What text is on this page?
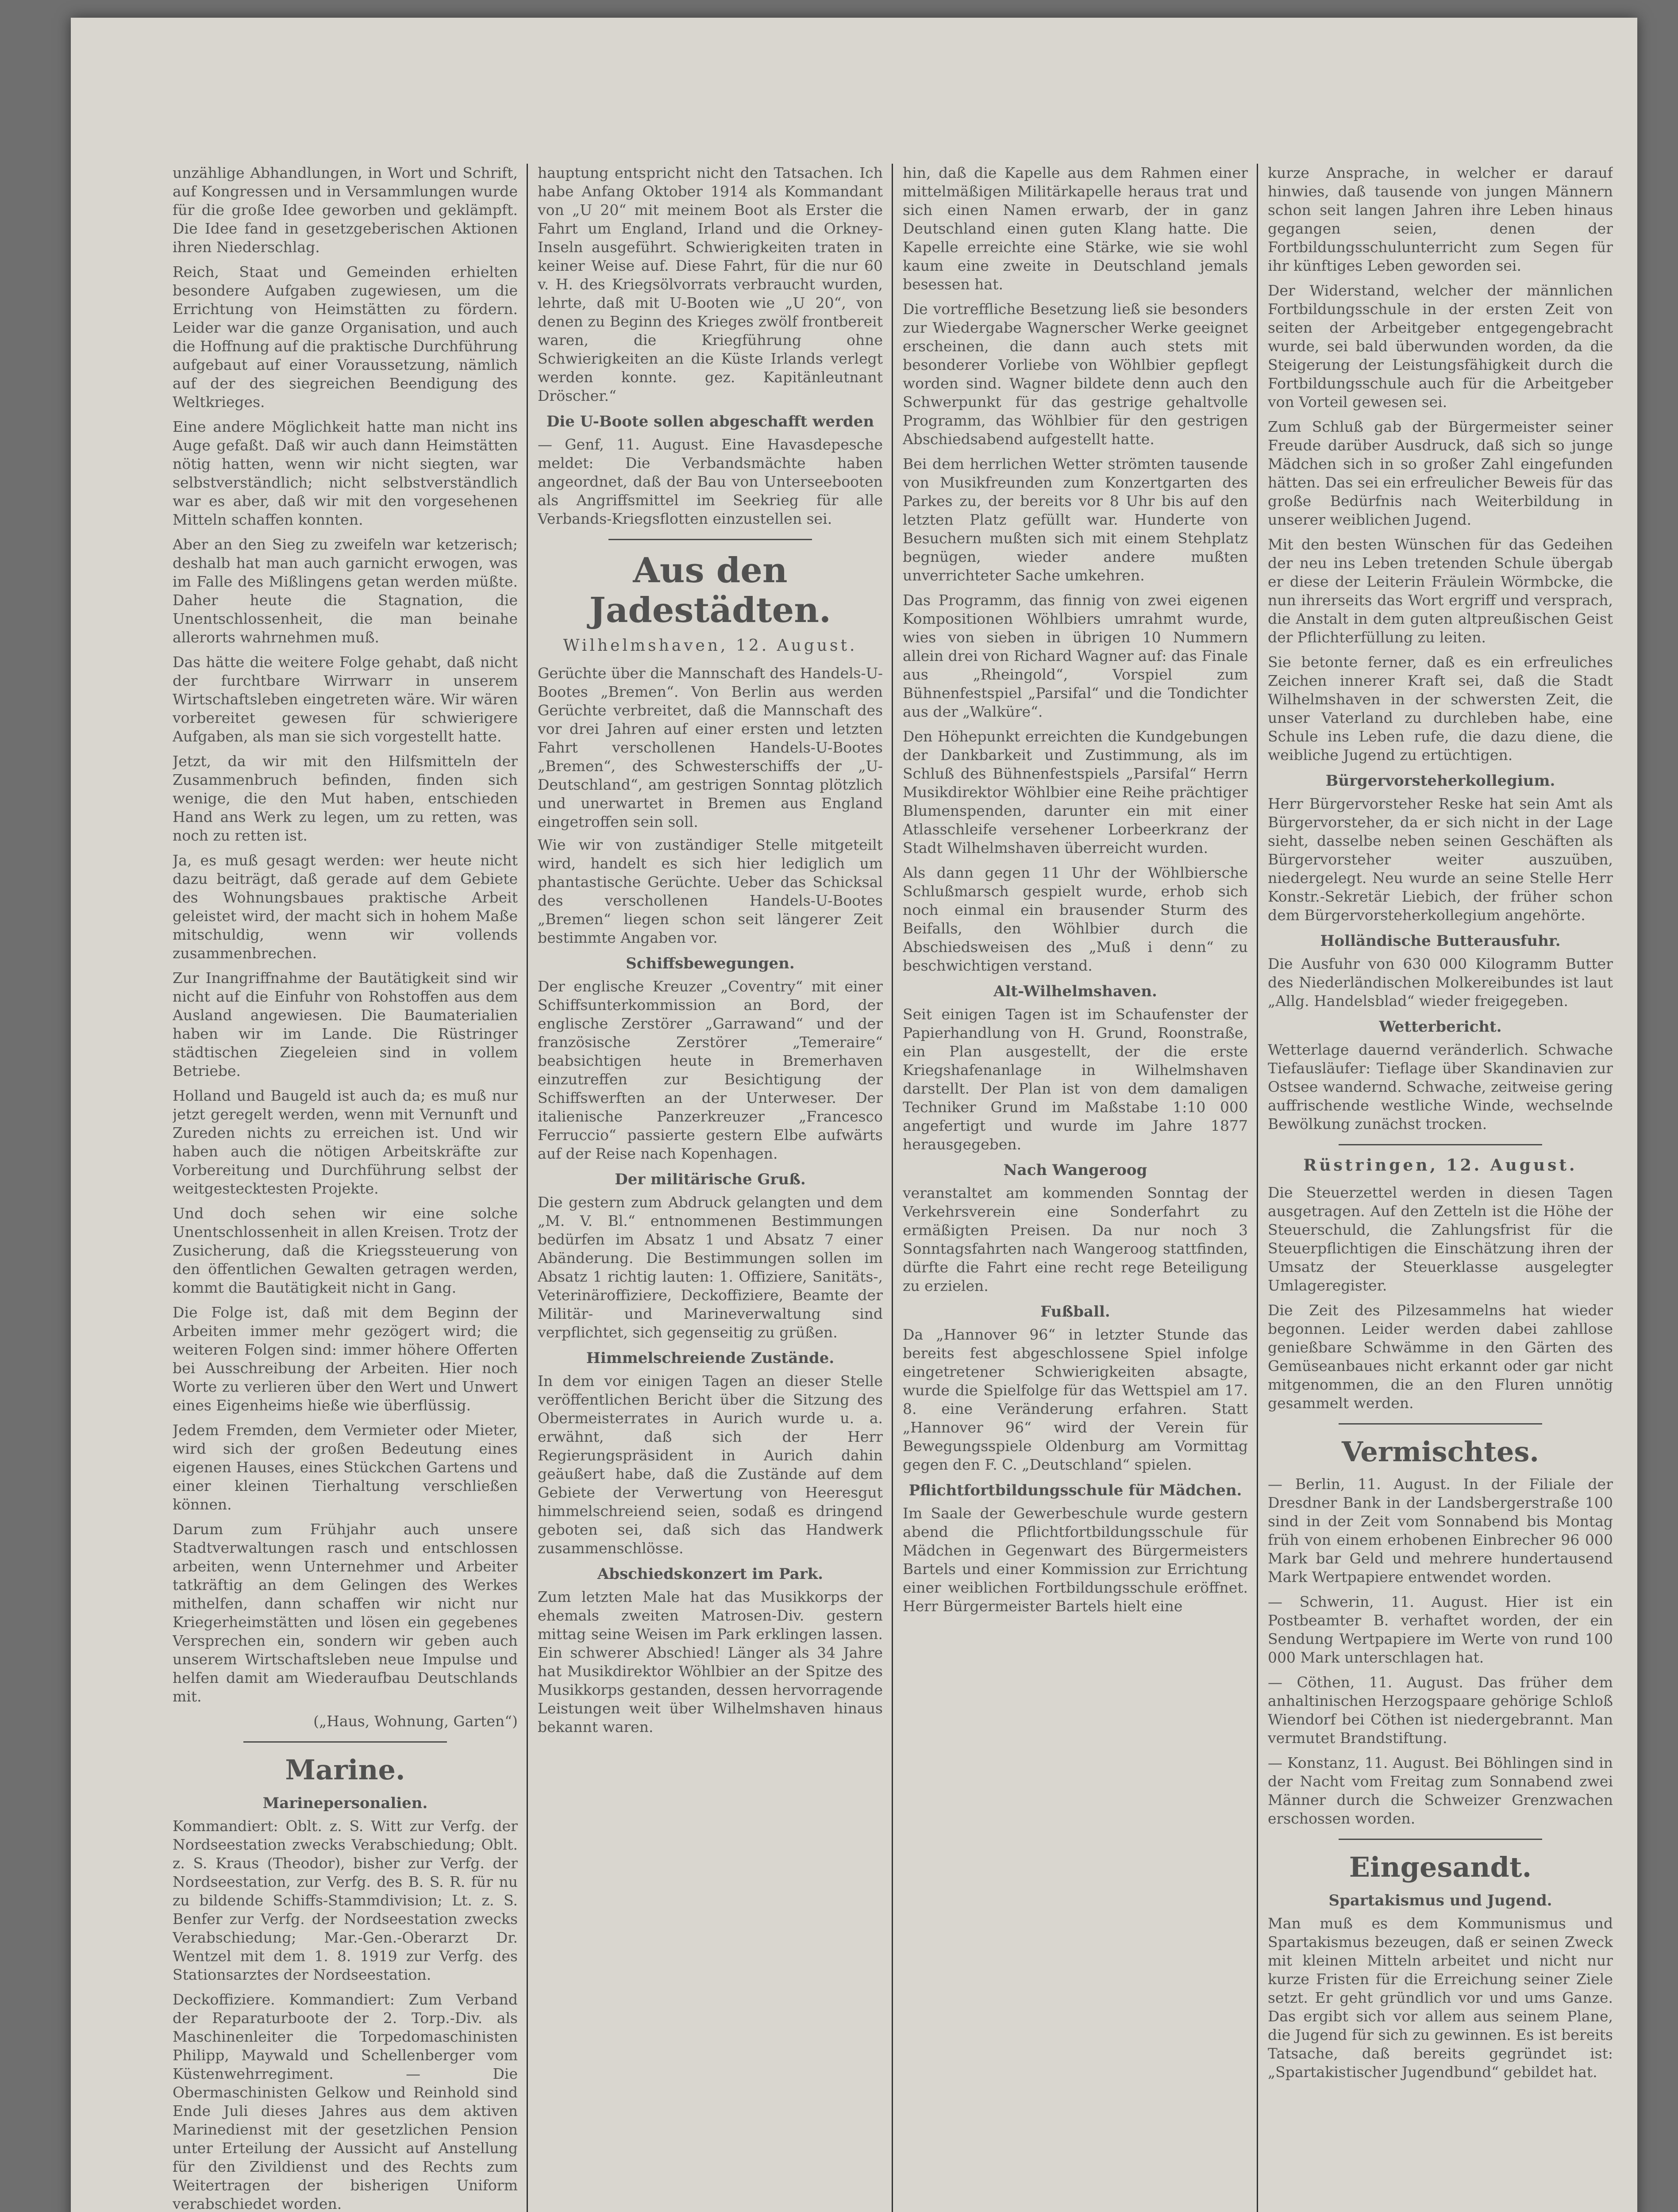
unzählige Abhandlungen, in Wort und Schrift, auf Kongressen und in Versammlungen wurde für die große Idee geworben und geklämpft. Die Idee fand in gesetzgeberischen Aktionen ihren Niederschlag.

Reich, Staat und Gemeinden erhielten besondere Aufgaben zugewiesen, um die Errichtung von Heimstätten zu fördern. Leider war die ganze Organisation, und auch die Hoffnung auf die praktische Durchführung aufgebaut auf einer Voraussetzung, nämlich auf der des siegreichen Beendigung des Weltkrieges.

Eine andere Möglichkeit hatte man nicht ins Auge gefaßt. Daß wir auch dann Heimstätten nötig hatten, wenn wir nicht siegten, war selbstverständlich; nicht selbstverständlich war es aber, daß wir mit den vorgesehenen Mitteln schaffen konnten.

Aber an den Sieg zu zweifeln war ketzerisch; deshalb hat man auch garnicht erwogen, was im Falle des Mißlingens getan werden müßte. Daher heute die Stagnation, die Unentschlossenheit, die man beinahe allerorts wahrnehmen muß.

Das hätte die weitere Folge gehabt, daß nicht der furchtbare Wirrwarr in unserem Wirtschaftsleben eingetreten wäre. Wir wären vorbereitet gewesen für schwierigere Aufgaben, als man sie sich vorgestellt hatte.

Jetzt, da wir mit den Hilfsmitteln der Zusammenbruch befinden, finden sich wenige, die den Mut haben, entschieden Hand ans Werk zu legen, um zu retten, was noch zu retten ist.

Ja, es muß gesagt werden: wer heute nicht dazu beiträgt, daß gerade auf dem Gebiete des Wohnungsbaues praktische Arbeit geleistet wird, der macht sich in hohem Maße mitschuldig, wenn wir vollends zusammenbrechen.

Zur Inangriffnahme der Bautätigkeit sind wir nicht auf die Einfuhr von Rohstoffen aus dem Ausland angewiesen. Die Baumaterialien haben wir im Lande. Die Rüstringer städtischen Ziegeleien sind in vollem Betriebe.

Holland und Baugeld ist auch da; es muß nur jetzt geregelt werden, wenn mit Vernunft und Zureden nichts zu erreichen ist. Und wir haben auch die nötigen Arbeitskräfte zur Vorbereitung und Durchführung selbst der weitgestecktesten Projekte.

Und doch sehen wir eine solche Unentschlossenheit in allen Kreisen. Trotz der Zusicherung, daß die Kriegssteuerung von den öffentlichen Gewalten getragen werden, kommt die Bautätigkeit nicht in Gang.

Die Folge ist, daß mit dem Beginn der Arbeiten immer mehr gezögert wird; die weiteren Folgen sind: immer höhere Offerten bei Ausschreibung der Arbeiten. Hier noch Worte zu verlieren über den Wert und Unwert eines Eigenheims hieße wie überflüssig.

Jedem Fremden, dem Vermieter oder Mieter, wird sich der großen Bedeutung eines eigenen Hauses, eines Stückchen Gartens und einer kleinen Tierhaltung verschließen können.

Darum zum Frühjahr auch unsere Stadtverwaltungen rasch und entschlossen arbeiten, wenn Unternehmer und Arbeiter tatkräftig an dem Gelingen des Werkes mithelfen, dann schaffen wir nicht nur Kriegerheimstätten und lösen ein gegebenes Versprechen ein, sondern wir geben auch unserem Wirtschaftsleben neue Impulse und helfen damit am Wiederaufbau Deutschlands mit.

(„Haus, Wohnung, Garten“)

Marine.
Marinepersonalien.

Kommandiert: Oblt. z. S. Witt zur Verfg. der Nordseestation zwecks Verabschiedung; Oblt. z. S. Kraus (Theodor), bisher zur Verfg. der Nordseestation, zur Verfg. des B. S. R. für nu zu bildende Schiffs-Stammdivision; Lt. z. S. Benfer zur Verfg. der Nordseestation zwecks Verabschiedung; Mar.-Gen.-Oberarzt Dr. Wentzel mit dem 1. 8. 1919 zur Verfg. des Stationsarztes der Nordseestation.

Deckoffiziere. Kommandiert: Zum Verband der Reparaturboote der 2. Torp.-Div. als Maschinenleiter die Torpedomaschinisten Philipp, Maywald und Schellenberger vom Küstenwehrregiment. — Die Obermaschinisten Gelkow und Reinhold sind Ende Juli dieses Jahres aus dem aktiven Marinedienst mit der gesetzlichen Pension unter Erteilung der Aussicht auf Anstellung für den Zivildienst und des Rechts zum Weitertragen der bisherigen Uniform verabschiedet worden.

hauptung entspricht nicht den Tatsachen. Ich habe Anfang Oktober 1914 als Kommandant von „U 20“ mit meinem Boot als Erster die Fahrt um England, Irland und die Orkney-Inseln ausgeführt. Schwierigkeiten traten in keiner Weise auf. Diese Fahrt, für die nur 60 v. H. des Kriegsölvorrats verbraucht wurden, lehrte, daß mit U-Booten wie „U 20“, von denen zu Beginn des Krieges zwölf frontbereit waren, die Kriegführung ohne Schwierigkeiten an die Küste Irlands verlegt werden konnte. gez. Kapitänleutnant Dröscher.“

Die U-Boote sollen abgeschafft werden

— Genf, 11. August. Eine Havasdepesche meldet: Die Verbandsmächte haben angeordnet, daß der Bau von Unterseebooten als Angriffsmittel im Seekrieg für alle Verbands-Kriegsflotten einzustellen sei.

Aus den Jadestädten.
Wilhelmshaven, 12. August.
Gerüchte über die Mannschaft des Handels-U-Bootes „Bremen“. Von Berlin aus werden Gerüchte verbreitet, daß die Mannschaft des vor drei Jahren auf einer ersten und letzten Fahrt verschollenen Handels-U-Bootes „Bremen“, des Schwesterschiffs der „U-Deutschland“, am gestrigen Sonntag plötzlich und unerwartet in Bremen aus England eingetroffen sein soll.

Wie wir von zuständiger Stelle mitgeteilt wird, handelt es sich hier lediglich um phantastische Gerüchte. Ueber das Schicksal des verschollenen Handels-U-Bootes „Bremen“ liegen schon seit längerer Zeit bestimmte Angaben vor.

Schiffsbewegungen.

Der englische Kreuzer „Coventry“ mit einer Schiffsunterkommission an Bord, der englische Zerstörer „Garrawand“ und der französische Zerstörer „Temeraire“ beabsichtigen heute in Bremerhaven einzutreffen zur Besichtigung der Schiffswerften an der Unterweser. Der italienische Panzerkreuzer „Francesco Ferruccio“ passierte gestern Elbe aufwärts auf der Reise nach Kopenhagen.

Der militärische Gruß.

Die gestern zum Abdruck gelangten und dem „M. V. Bl.“ entnommenen Bestimmungen bedürfen im Absatz 1 und Absatz 7 einer Abänderung. Die Bestimmungen sollen im Absatz 1 richtig lauten: 1. Offiziere, Sanitäts-, Veterinäroffiziere, Deckoffiziere, Beamte der Militär- und Marineverwaltung sind verpflichtet, sich gegenseitig zu grüßen.

Himmelschreiende Zustände.

In dem vor einigen Tagen an dieser Stelle veröffentlichen Bericht über die Sitzung des Obermeisterrates in Aurich wurde u. a. erwähnt, daß sich der Herr Regierungspräsident in Aurich dahin geäußert habe, daß die Zustände auf dem Gebiete der Verwertung von Heeresgut himmelschreiend seien, sodaß es dringend geboten sei, daß sich das Handwerk zusammenschlösse.

Abschiedskonzert im Park.

Zum letzten Male hat das Musikkorps der ehemals zweiten Matrosen-Div. gestern mittag seine Weisen im Park erklingen lassen. Ein schwerer Abschied! Länger als 34 Jahre hat Musikdirektor Wöhlbier an der Spitze des Musikkorps gestanden, dessen hervorragende Leistungen weit über Wilhelmshaven hinaus bekannt waren.

hin, daß die Kapelle aus dem Rahmen einer mittelmäßigen Militärkapelle heraus trat und sich einen Namen erwarb, der in ganz Deutschland einen guten Klang hatte. Die Kapelle erreichte eine Stärke, wie sie wohl kaum eine zweite in Deutschland jemals besessen hat.

Die vortreffliche Besetzung ließ sie besonders zur Wiedergabe Wagnerscher Werke geeignet erscheinen, die dann auch stets mit besonderer Vorliebe von Wöhlbier gepflegt worden sind. Wagner bildete denn auch den Schwerpunkt für das gestrige gehaltvolle Programm, das Wöhlbier für den gestrigen Abschiedsabend aufgestellt hatte.

Bei dem herrlichen Wetter strömten tausende von Musikfreunden zum Konzertgarten des Parkes zu, der bereits vor 8 Uhr bis auf den letzten Platz gefüllt war. Hunderte von Besuchern mußten sich mit einem Stehplatz begnügen, wieder andere mußten unverrichteter Sache umkehren.

Das Programm, das finnig von zwei eigenen Kompositionen Wöhlbiers umrahmt wurde, wies von sieben in übrigen 10 Nummern allein drei von Richard Wagner auf: das Finale aus „Rheingold“, Vorspiel zum Bühnenfestspiel „Parsifal“ und die Tondichter aus der „Walküre“.

Den Höhepunkt erreichten die Kundgebungen der Dankbarkeit und Zustimmung, als im Schluß des Bühnenfestspiels „Parsifal“ Herrn Musikdirektor Wöhlbier eine Reihe prächtiger Blumenspenden, darunter ein mit einer Atlasschleife versehener Lorbeerkranz der Stadt Wilhelmshaven überreicht wurden.

Als dann gegen 11 Uhr der Wöhlbiersche Schlußmarsch gespielt wurde, erhob sich noch einmal ein brausender Sturm des Beifalls, den Wöhlbier durch die Abschiedsweisen des „Muß i denn“ zu beschwichtigen verstand.

Alt-Wilhelmshaven.

Seit einigen Tagen ist im Schaufenster der Papierhandlung von H. Grund, Roonstraße, ein Plan ausgestellt, der die erste Kriegshafenanlage in Wilhelmshaven darstellt. Der Plan ist von dem damaligen Techniker Grund im Maßstabe 1:10 000 angefertigt und wurde im Jahre 1877 herausgegeben.

Nach Wangeroog

veranstaltet am kommenden Sonntag der Verkehrsverein eine Sonderfahrt zu ermäßigten Preisen. Da nur noch 3 Sonntagsfahrten nach Wangeroog stattfinden, dürfte die Fahrt eine recht rege Beteiligung zu erzielen.

Fußball.

Da „Hannover 96“ in letzter Stunde das bereits fest abgeschlossene Spiel infolge eingetretener Schwierigkeiten absagte, wurde die Spielfolge für das Wettspiel am 17. 8. eine Veränderung erfahren. Statt „Hannover 96“ wird der Verein für Bewegungsspiele Oldenburg am Vormittag gegen den F. C. „Deutschland“ spielen.

Pflichtfortbildungsschule für Mädchen.

Im Saale der Gewerbeschule wurde gestern abend die Pflichtfortbildungsschule für Mädchen in Gegenwart des Bürgermeisters Bartels und einer Kommission zur Errichtung einer weiblichen Fortbildungsschule eröffnet. Herr Bürgermeister Bartels hielt eine

kurze Ansprache, in welcher er darauf hinwies, daß tausende von jungen Männern schon seit langen Jahren ihre Leben hinaus gegangen seien, denen der Fortbildungsschulunterricht zum Segen für ihr künftiges Leben geworden sei.

Der Widerstand, welcher der männlichen Fortbildungsschule in der ersten Zeit von seiten der Arbeitgeber entgegengebracht wurde, sei bald überwunden worden, da die Steigerung der Leistungsfähigkeit durch die Fortbildungsschule auch für die Arbeitgeber von Vorteil gewesen sei.

Zum Schluß gab der Bürgermeister seiner Freude darüber Ausdruck, daß sich so junge Mädchen sich in so großer Zahl eingefunden hätten. Das sei ein erfreulicher Beweis für das große Bedürfnis nach Weiterbildung in unserer weiblichen Jugend.

Mit den besten Wünschen für das Gedeihen der neu ins Leben tretenden Schule übergab er diese der Leiterin Fräulein Wörmbcke, die nun ihrerseits das Wort ergriff und versprach, die Anstalt in dem guten altpreußischen Geist der Pflichterfüllung zu leiten.

Sie betonte ferner, daß es ein erfreuliches Zeichen innerer Kraft sei, daß die Stadt Wilhelmshaven in der schwersten Zeit, die unser Vaterland zu durchleben habe, eine Schule ins Leben rufe, die dazu diene, die weibliche Jugend zu ertüchtigen.

Bürgervorsteherkollegium.

Herr Bürgervorsteher Reske hat sein Amt als Bürgervorsteher, da er sich nicht in der Lage sieht, dasselbe neben seinen Geschäften als Bürgervorsteher weiter auszuüben, niedergelegt. Neu wurde an seine Stelle Herr Konstr.-Sekretär Liebich, der früher schon dem Bürgervorsteherkollegium angehörte.

Holländische Butterausfuhr.

Die Ausfuhr von 630 000 Kilogramm Butter des Niederländischen Molkereibundes ist laut „Allg. Handelsblad“ wieder freigegeben.

Wetterbericht.

Wetterlage dauernd veränderlich. Schwache Tiefausläufer: Tieflage über Skandinavien zur Ostsee wandernd. Schwache, zeitweise gering auffrischende westliche Winde, wechselnde Bewölkung zunächst trocken.

Rüstringen, 12. August.

Die Steuerzettel werden in diesen Tagen ausgetragen. Auf den Zetteln ist die Höhe der Steuerschuld, die Zahlungsfrist für die Steuerpflichtigen die Einschätzung ihren der Umsatz der Steuerklasse ausgelegter Umlageregister.

Die Zeit des Pilzesammelns hat wieder begonnen. Leider werden dabei zahllose genießbare Schwämme in den Gärten des Gemüseanbaues nicht erkannt oder gar nicht mitgenommen, die an den Fluren unnötig gesammelt werden.

Vermischtes.

— Berlin, 11. August. In der Filiale der Dresdner Bank in der Landsbergerstraße 100 sind in der Zeit vom Sonnabend bis Montag früh von einem erhobenen Einbrecher 96 000 Mark bar Geld und mehrere hundertausend Mark Wertpapiere entwendet worden.

— Schwerin, 11. August. Hier ist ein Postbeamter B. verhaftet worden, der ein Sendung Wertpapiere im Werte von rund 100 000 Mark unterschlagen hat.

— Cöthen, 11. August. Das früher dem anhaltinischen Herzogspaare gehörige Schloß Wiendorf bei Cöthen ist niedergebrannt. Man vermutet Brandstiftung.

— Konstanz, 11. August. Bei Böhlingen sind in der Nacht vom Freitag zum Sonnabend zwei Männer durch die Schweizer Grenzwachen erschossen worden.

Eingesandt.
Spartakismus und Jugend.

Man muß es dem Kommunismus und Spartakismus bezeugen, daß er seinen Zweck mit kleinen Mitteln arbeitet und nicht nur kurze Fristen für die Erreichung seiner Ziele setzt. Er geht gründlich vor und ums Ganze. Das ergibt sich vor allem aus seinem Plane, die Jugend für sich zu gewinnen. Es ist bereits Tatsache, daß bereits gegründet ist: „Spartakistischer Jugendbund“ gebildet hat.
